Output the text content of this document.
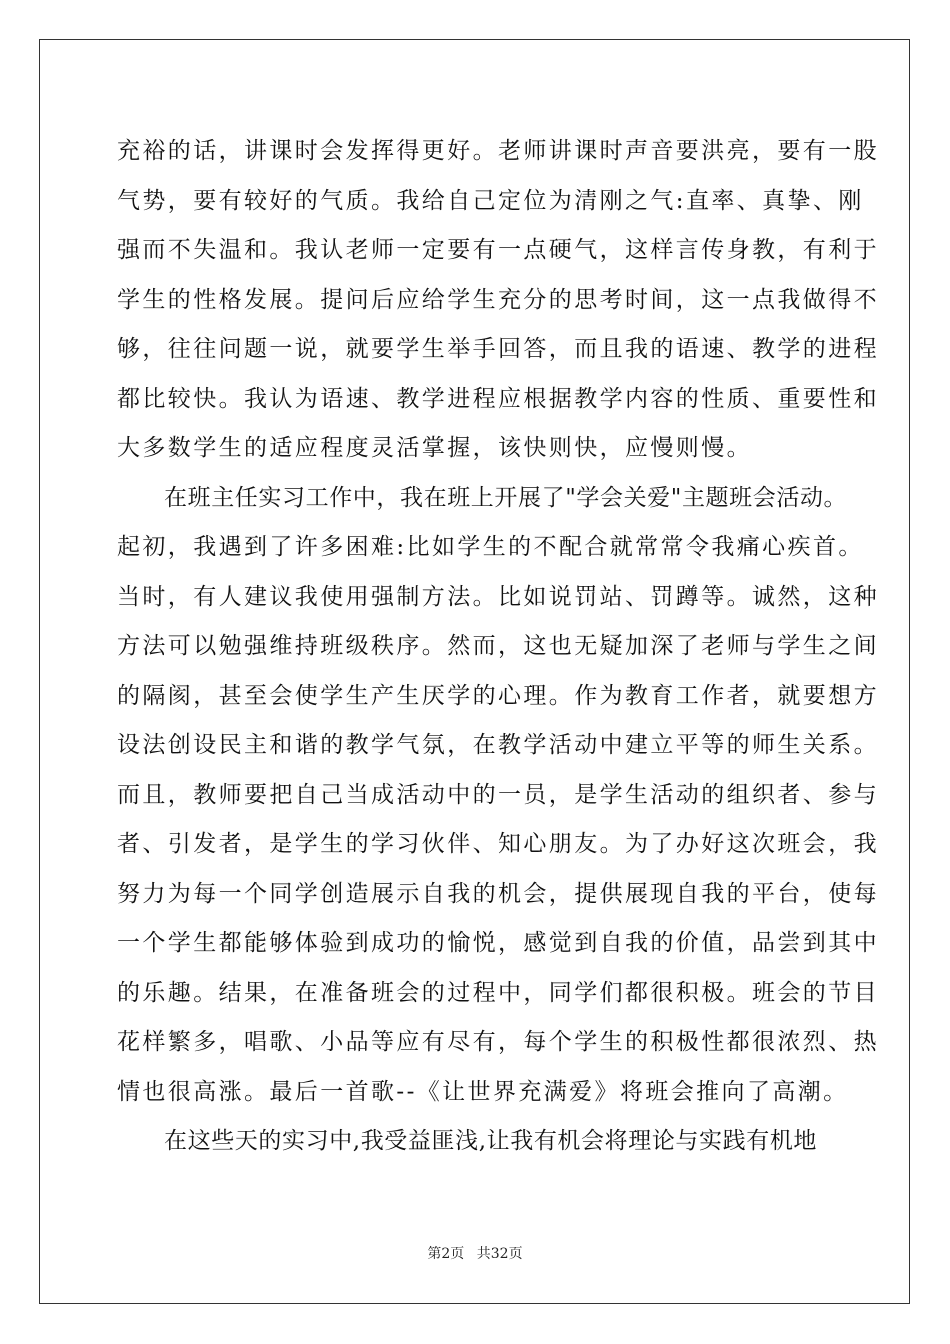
充裕的话，讲课时会发挥得更好。老师讲课时声音要洪亮，要有一股
气势，要有较好的气质。我给自己定位为清刚之气:直率、真挚、刚
强而不失温和。我认老师一定要有一点硬气，这样言传身教，有利于
学生的性格发展。提问后应给学生充分的思考时间，这一点我做得不
够，往往问题一说，就要学生举手回答，而且我的语速、教学的进程
都比较快。我认为语速、教学进程应根据教学内容的性质、重要性和
大多数学生的适应程度灵活掌握，该快则快，应慢则慢。
在班主任实习工作中，我在班上开展了"学会关爱"主题班会活动。
起初，我遇到了许多困难:比如学生的不配合就常常令我痛心疾首。
当时，有人建议我使用强制方法。比如说罚站、罚蹲等。诚然，这种
方法可以勉强维持班级秩序。然而，这也无疑加深了老师与学生之间
的隔阂，甚至会使学生产生厌学的心理。作为教育工作者，就要想方
设法创设民主和谐的教学气氛，在教学活动中建立平等的师生关系。
而且，教师要把自己当成活动中的一员，是学生活动的组织者、参与
者、引发者，是学生的学习伙伴、知心朋友。为了办好这次班会，我
努力为每一个同学创造展示自我的机会，提供展现自我的平台，使每
一个学生都能够体验到成功的愉悦，感觉到自我的价值，品尝到其中
的乐趣。结果，在准备班会的过程中，同学们都很积极。班会的节目
花样繁多，唱歌、小品等应有尽有，每个学生的积极性都很浓烈、热
情也很高涨。最后一首歌--《让世界充满爱》将班会推向了高潮。
在这些天的实习中,我受益匪浅,让我有机会将理论与实践有机地
第2页 共32页
